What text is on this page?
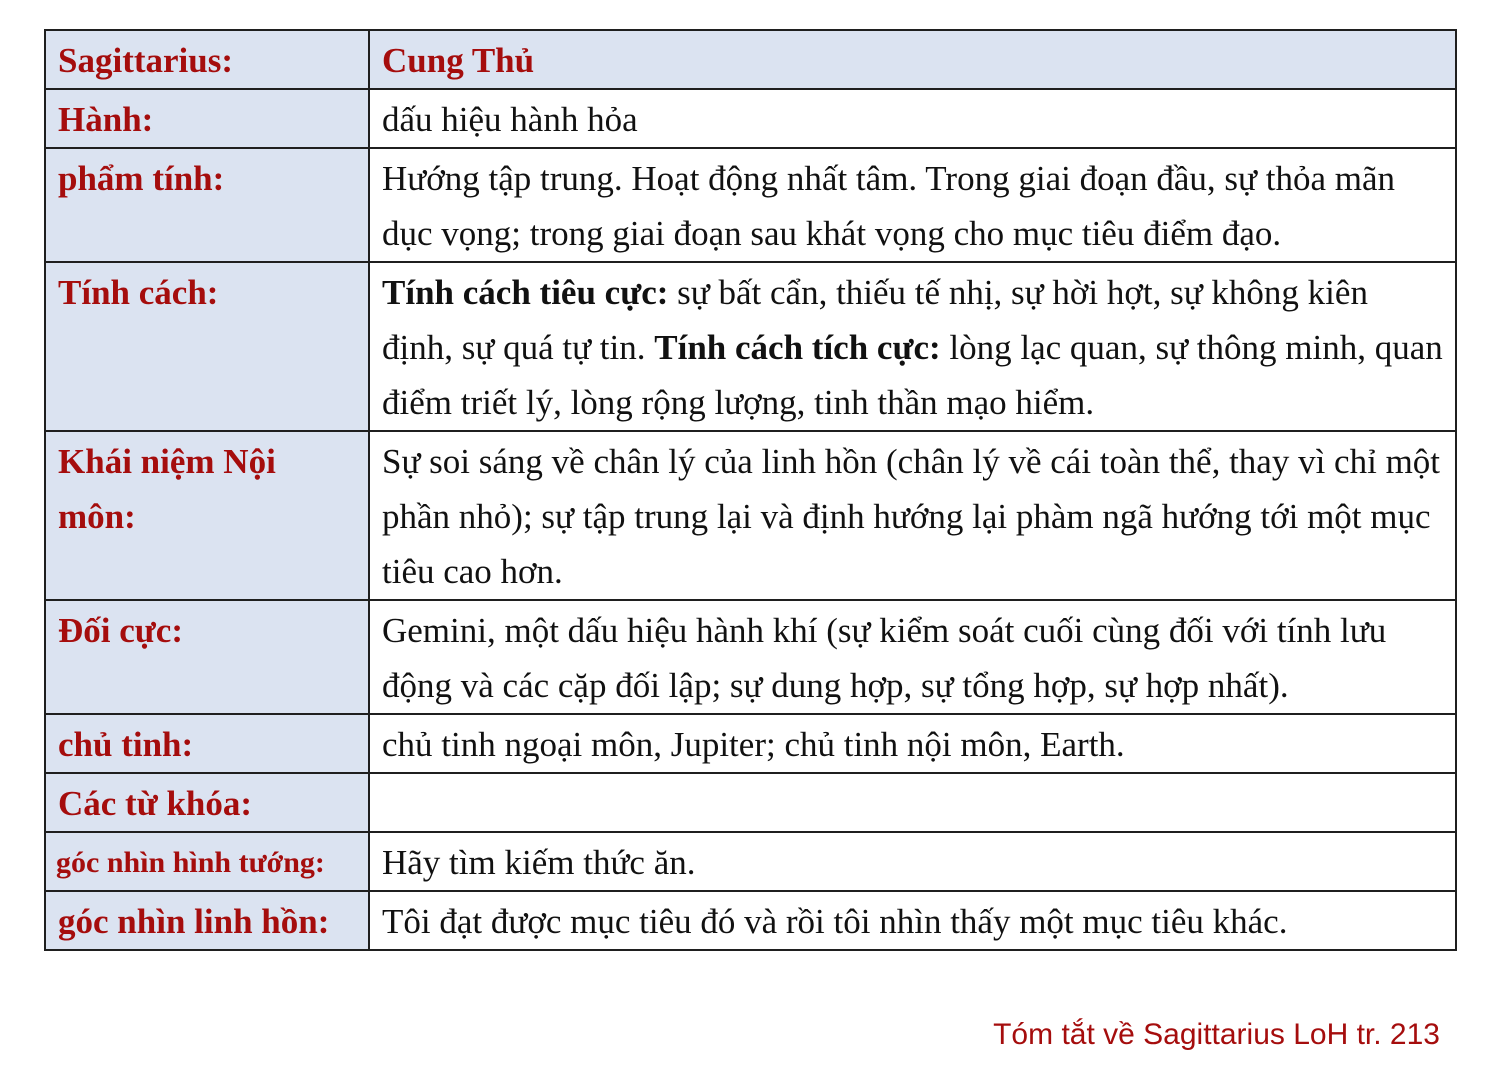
Sagittarius:	Cung Thủ
Hành:	dấu hiệu hành hỏa
phẩm tính:	Hướng tập trung. Hoạt động nhất tâm. Trong giai đoạn đầu, sự thỏa mãn dục vọng; trong giai đoạn sau khát vọng cho mục tiêu điểm đạo.
Tính cách:	Tính cách tiêu cực: sự bất cẩn, thiếu tế nhị, sự hời hợt, sự không kiên định, sự quá tự tin. Tính cách tích cực: lòng lạc quan, sự thông minh, quan điểm triết lý, lòng rộng lượng, tinh thần mạo hiểm.
Khái niệm Nội môn:	Sự soi sáng về chân lý của linh hồn (chân lý về cái toàn thể, thay vì chỉ một phần nhỏ); sự tập trung lại và định hướng lại phàm ngã hướng tới một mục tiêu cao hơn.
Đối cực:	Gemini, một dấu hiệu hành khí (sự kiểm soát cuối cùng đối với tính lưu động và các cặp đối lập; sự dung hợp, sự tổng hợp, sự hợp nhất).
chủ tinh:	chủ tinh ngoại môn, Jupiter; chủ tinh nội môn, Earth.
Các từ khóa:	
góc nhìn hình tướng:	Hãy tìm kiếm thức ăn.
góc nhìn linh hồn:	Tôi đạt được mục tiêu đó và rồi tôi nhìn thấy một mục tiêu khác.
Tóm tắt về Sagittarius LoH tr. 213
